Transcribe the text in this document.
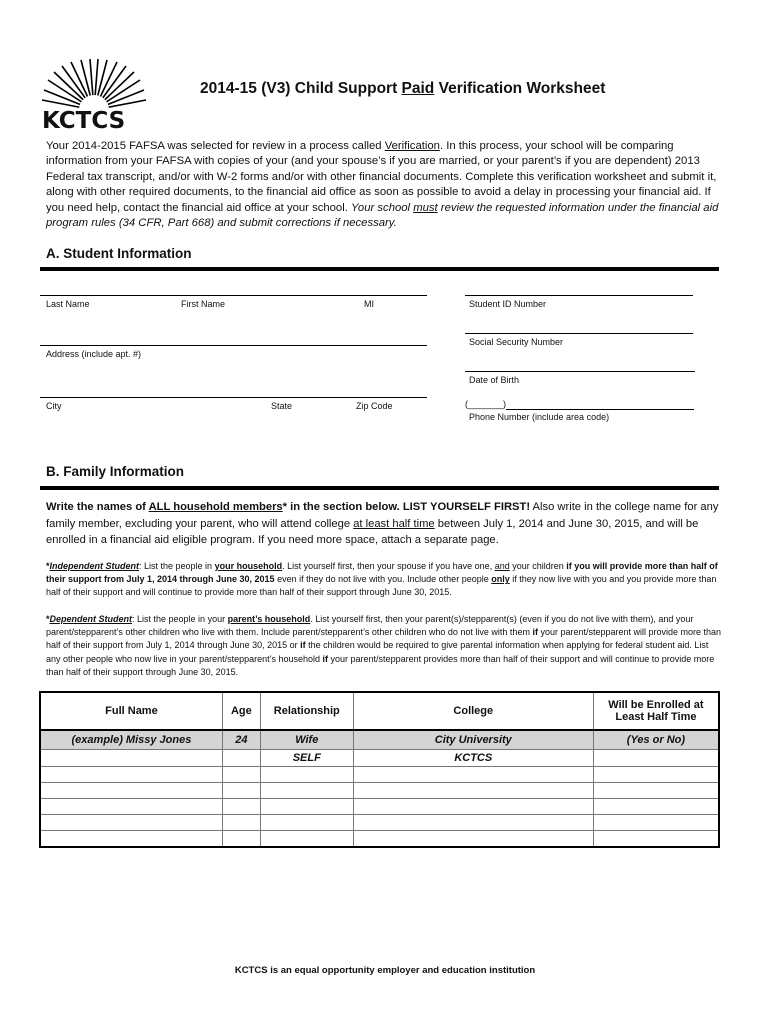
KCTCS
2014-15 (V3) Child Support Paid Verification Worksheet
Your 2014-2015 FAFSA was selected for review in a process called Verification. In this process, your school will be comparing information from your FAFSA with copies of your (and your spouse’s if you are married, or your parent’s if you are dependent) 2013 Federal tax transcript, and/or with W-2 forms and/or with other financial documents. Complete this verification worksheet and submit it, along with other required documents, to the financial aid office as soon as possible to avoid a delay in processing your financial aid. If you need help, contact the financial aid office at your school. Your school must review the requested information under the financial aid program rules (34 CFR, Part 668) and submit corrections if necessary.
A. Student Information
Last Name	First Name	MI	Student ID Number
Social Security Number
Address (include apt. #)
Date of Birth
City	State	Zip Code	(_______)
Phone Number (include area code)
B. Family Information
Write the names of ALL household members* in the section below. LIST YOURSELF FIRST! Also write in the college name for any family member, excluding your parent, who will attend college at least half time between July 1, 2014 and June 30, 2015, and will be enrolled in a financial aid eligible program. If you need more space, attach a separate page.
*Independent Student: List the people in your household. List yourself first, then your spouse if you have one, and your children if you will provide more than half of their support from July 1, 2014 through June 30, 2015 even if they do not live with you. Include other people only if they now live with you and you provide more than half of their support and will continue to provide more than half of their support through June 30, 2015.
*Dependent Student: List the people in your parent’s household. List yourself first, then your parent(s)/stepparent(s) (even if you do not live with them), and your parent/stepparent’s other children who live with them. Include parent/stepparent’s other children who do not live with them if your parent/stepparent will provide more than half of their support from July 1, 2014 through June 30, 2015 or if the children would be required to give parental information when applying for federal student aid. List any other people who now live in your parent/stepparent’s household if your parent/stepparent provides more than half of their support and will continue to provide more than half of their support through June 30, 2015.
Full Name	Age	Relationship	College	Will be Enrolled at Least Half Time
(example) Missy Jones	24	Wife	City University	(Yes or No)
		SELF	KCTCS	

KCTCS is an equal opportunity employer and education institution
